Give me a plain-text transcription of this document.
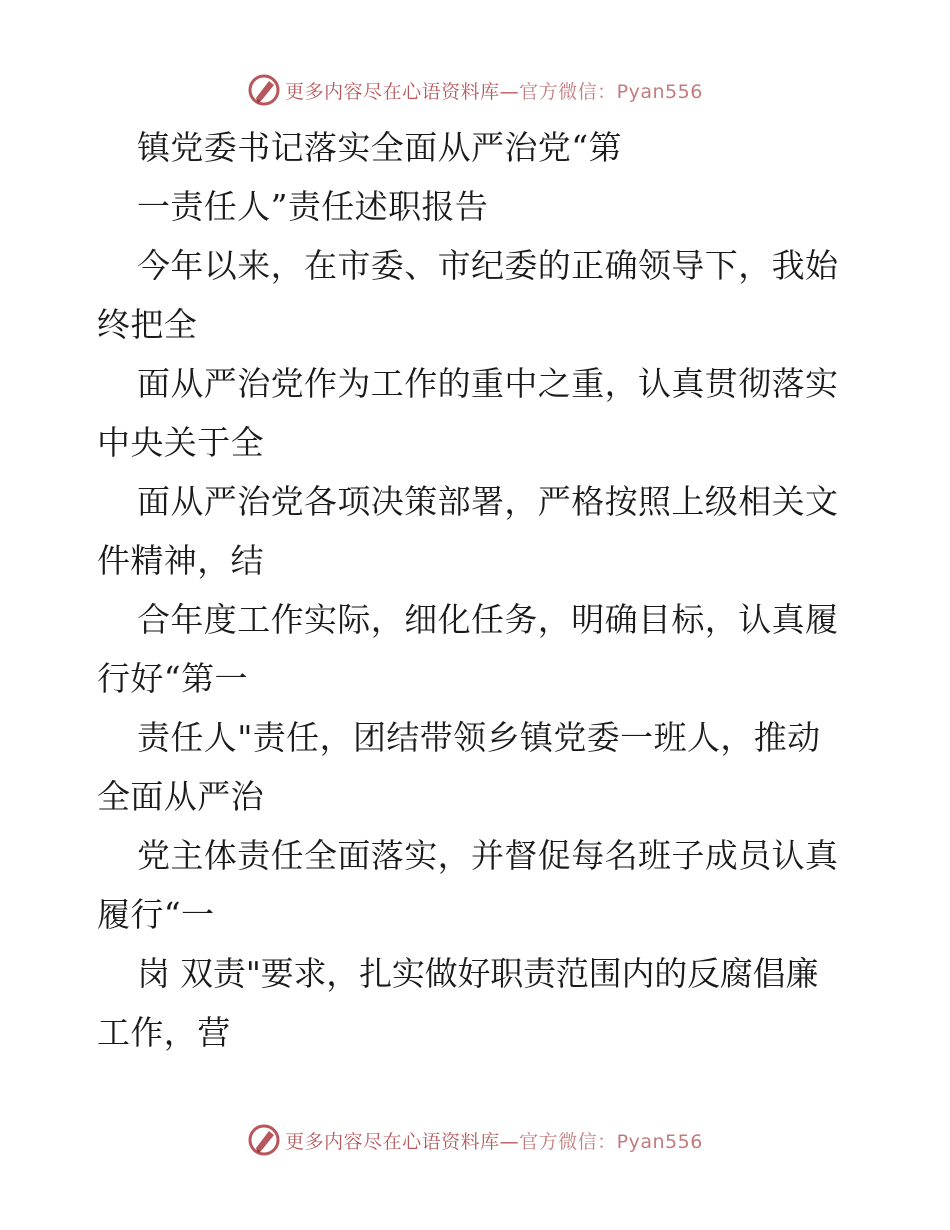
更多内容尽在心语资料库— 官方微信：Pyan556
镇党委书记落实全面从严治党“第
一责任人”责任述职报告
今年以来，在市委、市纪委的正确领导下，我始
终把全
面从严治党作为工作的重中之重，认真贯彻落实
中央关于全
面从严治党各项决策部署，严格按照上级相关文
件精神，结
合年度工作实际，细化任务，明确目标，认真履
行好“第一
责任人"责任，团结带领乡镇党委一班人，推动
全面从严治
党主体责任全面落实，并督促每名班子成员认真
履行“一
岗 双责"要求，扎实做好职责范围内的反腐倡廉
工作，营
更多内容尽在心语资料库— 官方微信：Pyan556
